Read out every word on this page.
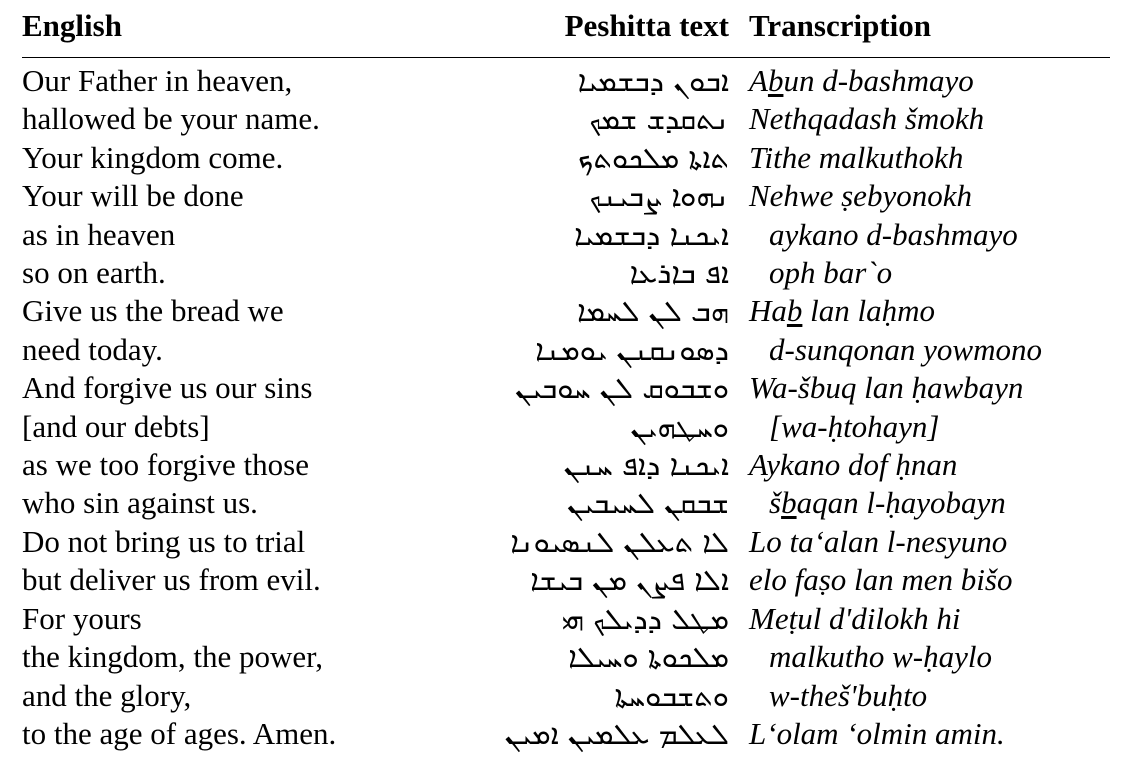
English	Peshitta text	Transcription
Our Father in heaven,	ܐܒܘܢ ܕܒܫܡܝܐ	Abun d-bashmayo
hallowed be your name.	ܢܬܩܕܫ ܫܡܟ	Nethqadash šmokh
Your kingdom come.	ܬܐܬܐ ܡܠܟܘܬܟ	Tithe malkuthokh
Your will be done	ܢܗܘܐ ܨܒܝܢܟ	Nehwe ṣebyonokh
as in heaven	ܐܝܟܢܐ ܕܒܫܡܝܐ	aykano d-bashmayo
so on earth.	ܐܦ ܒܐܪܥܐ	oph bar`o
Give us the bread we	ܗܒ ܠܢ ܠܚܡܐ	Hab lan laḥmo
need today.	ܕܣܘܢܩܢܢ ܝܘܡܢܐ	d-sunqonan yowmono
And forgive us our sins	ܘܫܒܘܩ ܠܢ ܚܘܒܝܢ	Wa-šbuq lan ḥawbayn
[and our debts]	ܘܚܛܗܝܢ	[wa-ḥtohayn]
as we too forgive those	ܐܝܟܢܐ ܕܐܦ ܚܢܢ	Aykano dof ḥnan
who sin against us.	ܫܒܩܢ ܠܚܝܒܝܢ	šbaqan l-ḥayobayn
Do not bring us to trial	ܠܐ ܬܥܠܢ ܠܢܣܝܘܢܐ	Lo ta‘alan l-nesyuno
but deliver us from evil.	ܐܠܐ ܦܨܢ ܡܢ ܒܝܫܐ	elo faṣo lan men bišo
For yours	ܡܛܠ ܕܕܝܠܟ ܗܝ	Meṭul d'dilokh hi
the kingdom, the power,	ܡܠܟܘܬܐ ܘܚܝܠܐ	malkutho w-ḥaylo
and the glory,	ܘܬܫܒܘܚܬܐ	w-theš'buḥto
to the age of ages. Amen.	ܠܥܠܡ ܥܠܡܝܢ ܐܡܝܢ	L‘olam ‘olmin amin.
